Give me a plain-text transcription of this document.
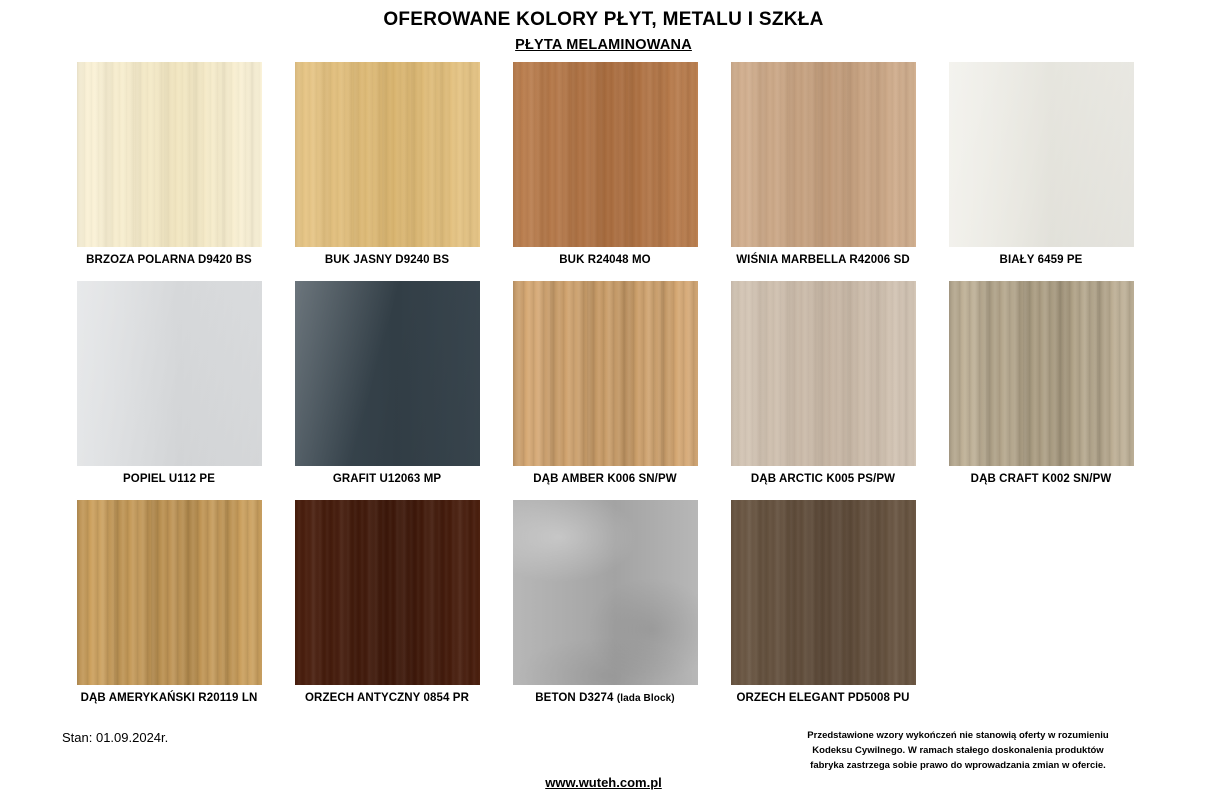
OFEROWANE KOLORY PŁYT, METALU I SZKŁA
PŁYTA MELAMINOWANA
BRZOZA POLARNA D9420 BS	BUK JASNY D9240 BS	BUK R24048 MO	WIŚNIA MARBELLA R42006 SD	BIAŁY 6459 PE
POPIEL U112 PE	GRAFIT U12063 MP	DĄB AMBER K006 SN/PW	DĄB ARCTIC K005 PS/PW	DĄB CRAFT K002 SN/PW
DĄB AMERYKAŃSKI R20119 LN	ORZECH ANTYCZNY 0854 PR	BETON D3274 (lada Block)	ORZECH ELEGANT PD5008 PU
Stan: 01.09.2024r.	Przedstawione wzory wykończeń nie stanowią oferty w rozumieniu
Kodeksu Cywilnego. W ramach stałego doskonalenia produktów
fabryka zastrzega sobie prawo do wprowadzania zmian w ofercie.
www.wuteh.com.pl
